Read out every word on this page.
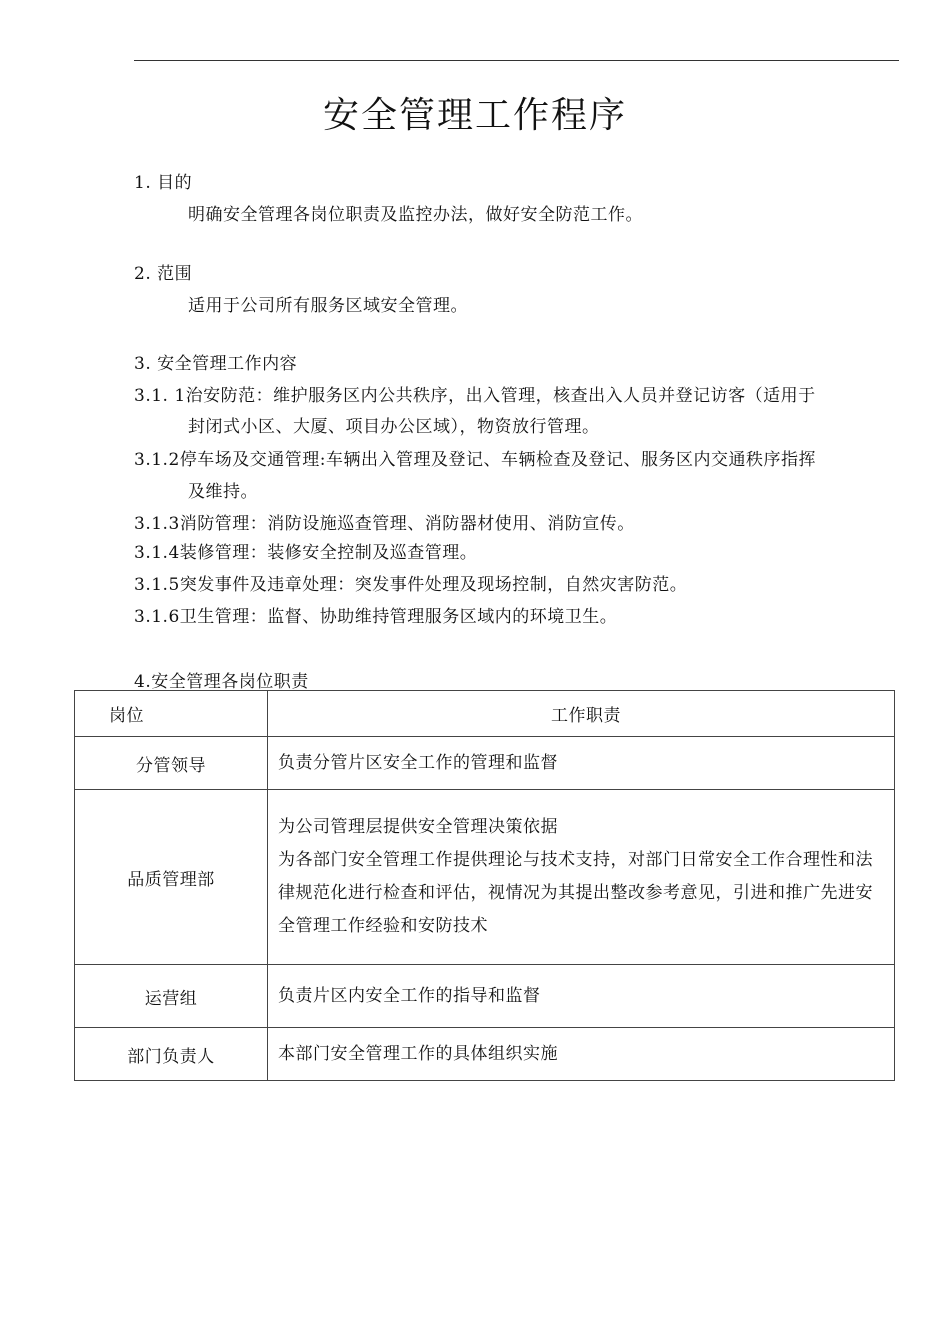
安全管理工作程序
1. 目的
明确安全管理各岗位职责及监控办法，做好安全防范工作。
2. 范围
适用于公司所有服务区域安全管理。
3. 安全管理工作内容
3.1. 1治安防范：维护服务区内公共秩序，出入管理，核查出入人员并登记访客（适用于
封闭式小区、大厦、项目办公区域），物资放行管理。
3.1.2停车场及交通管理:车辆出入管理及登记、车辆检查及登记、服务区内交通秩序指挥
及维持。
3.1.3消防管理：消防设施巡查管理、消防器材使用、消防宣传。
3.1.4装修管理：装修安全控制及巡查管理。
3.1.5突发事件及违章处理：突发事件处理及现场控制，自然灾害防范。
3.1.6卫生管理：监督、协助维持管理服务区域内的环境卫生。
4.安全管理各岗位职责
岗位	工作职责
分管领导	负责分管片区安全工作的管理和监督

品质管理部	为公司管理层提供安全管理决策依据
为各部门安全管理工作提供理论与技术支持，对部门日常安全工作合理性和法
律规范化进行检查和评估，视情况为其提出整改参考意见，引进和推广先进安
全管理工作经验和安防技术

运营组	负责片区内安全工作的指导和监督

部门负责人	本部门安全管理工作的具体组织实施
